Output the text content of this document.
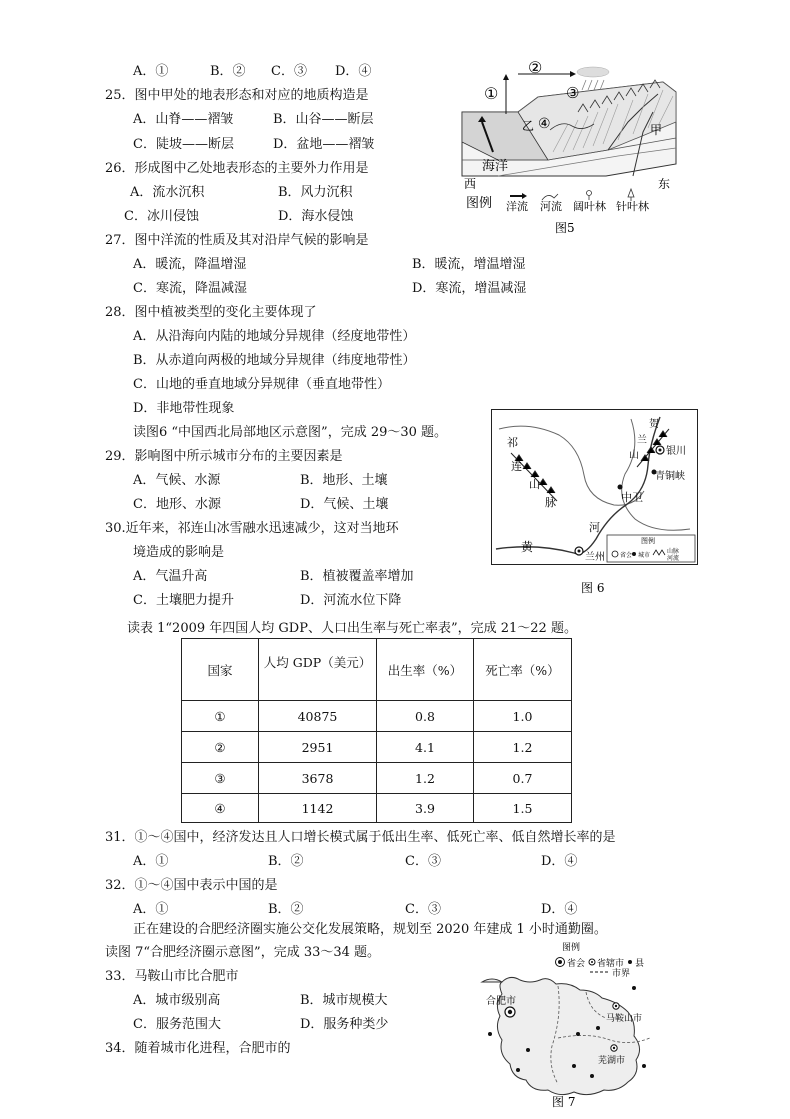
A．①	B．② C．③ D．④
25．图中甲处的地表形态和对应的地质构造是
A．山脊——褶皱	B．山谷——断层
C．陡坡——断层	D．盆地——褶皱
26．形成图中乙处地表形态的主要外力作用是
A．流水沉积	B．风力沉积
C．冰川侵蚀	D．海水侵蚀
27．图中洋流的性质及其对沿岸气候的影响是
A．暖流，降温增湿	B．暖流，增温增湿
C．寒流，降温减湿	D．寒流，增温减湿
28．图中植被类型的变化主要体现了
A．从沿海向内陆的地域分异规律（经度地带性）
B．从赤道向两极的地域分异规律（纬度地带性）
C．山地的垂直地域分异规律（垂直地带性）
D．非地带性现象
读图6 “中国西北局部地区示意图”，完成 29～30 题。
29．影响图中所示城市分布的主要因素是
A．气候、水源	B．地形、土壤
C．地形、水源	D．气候、土壤
30.近年来，祁连山冰雪融水迅速减少，这对当地环
境造成的影响是
A．气温升高	B．植被覆盖率增加
C．土壤肥力提升	D．河流水位下降
读表 1“2009 年四国人均 GDP、人口出生率与死亡率表”，完成 21～22 题。
国家	人均 GDP（美元）	出生率（%）	死亡率（%）
①	40875	0.8	1.0
②	2951	4.1	1.2
③	3678	1.2	0.7
④	1142	3.9	1.5
31．①～④国中，经济发达且人口增长模式属于低出生率、低死亡率、低自然增长率的是
A．①	B．②	C．③	D．④
32．①～④国中表示中国的是
A．①	B．②	C．③	D．④
正在建设的合肥经济圈实施公交化发展策略，规划至 2020 年建成 1 小时通勤圈。
读图 7“合肥经济圈示意图”，完成 33～34 题。
33．马鞍山市比合肥市
A．城市级别高	B．城市规模大
C．服务范围大	D．服务种类少
34．随着城市化进程，合肥市的
①
②
③
④	甲
乙
海洋
西	东
图例 洋流 河流 阔叶林 针叶林
图5
祁
连
山
脉
贺
兰
山	银川
青铜峡
中卫
兰州
河
黄	图例
省会 城市
山脉
河流
图 6
图例
省会 省辖市 县
市界
合肥市
马鞍山市
芜湖市
图 7
